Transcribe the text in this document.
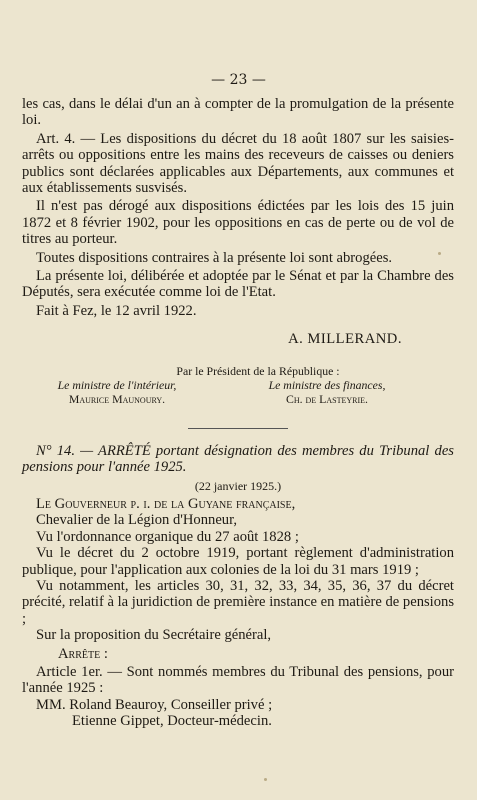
— 23 —

les cas, dans le délai d'un an à compter de la promulgation de la présente loi.

Art. 4. — Les dispositions du décret du 18 août 1807 sur les saisies-arrêts ou oppositions entre les mains des receveurs de caisses ou deniers publics sont déclarées applicables aux Départements, aux communes et aux établissements susvisés.

Il n'est pas dérogé aux dispositions édictées par les lois des 15 juin 1872 et 8 février 1902, pour les oppositions en cas de perte ou de vol de titres au porteur.

Toutes dispositions contraires à la présente loi sont abrogées.

La présente loi, délibérée et adoptée par le Sénat et par la Chambre des Députés, sera exécutée comme loi de l'Etat.

Fait à Fez, le 12 avril 1922.

A. MILLERAND.

Par le Président de la République :
Le ministre de l'intérieur,
Maurice Maunoury.
Le ministre des finances,
Ch. de Lasteyrie.

N° 14. — ARRÊTÉ portant désignation des membres du Tribunal des pensions pour l'année 1925.

(22 janvier 1925.)

Le Gouverneur p. i. de la Guyane française,

Chevalier de la Légion d'Honneur,

Vu l'ordonnance organique du 27 août 1828 ;

Vu le décret du 2 octobre 1919, portant règlement d'administration publique, pour l'application aux colonies de la loi du 31 mars 1919 ;

Vu notamment, les articles 30, 31, 32, 33, 34, 35, 36, 37 du décret précité, relatif à la juridiction de première instance en matière de pensions ;

Sur la proposition du Secrétaire général,

Arrête :

Article 1er. — Sont nommés membres du Tribunal des pensions, pour l'année 1925 :

MM. Roland Beauroy, Conseiller privé ;

Etienne Gippet, Docteur-médecin.
